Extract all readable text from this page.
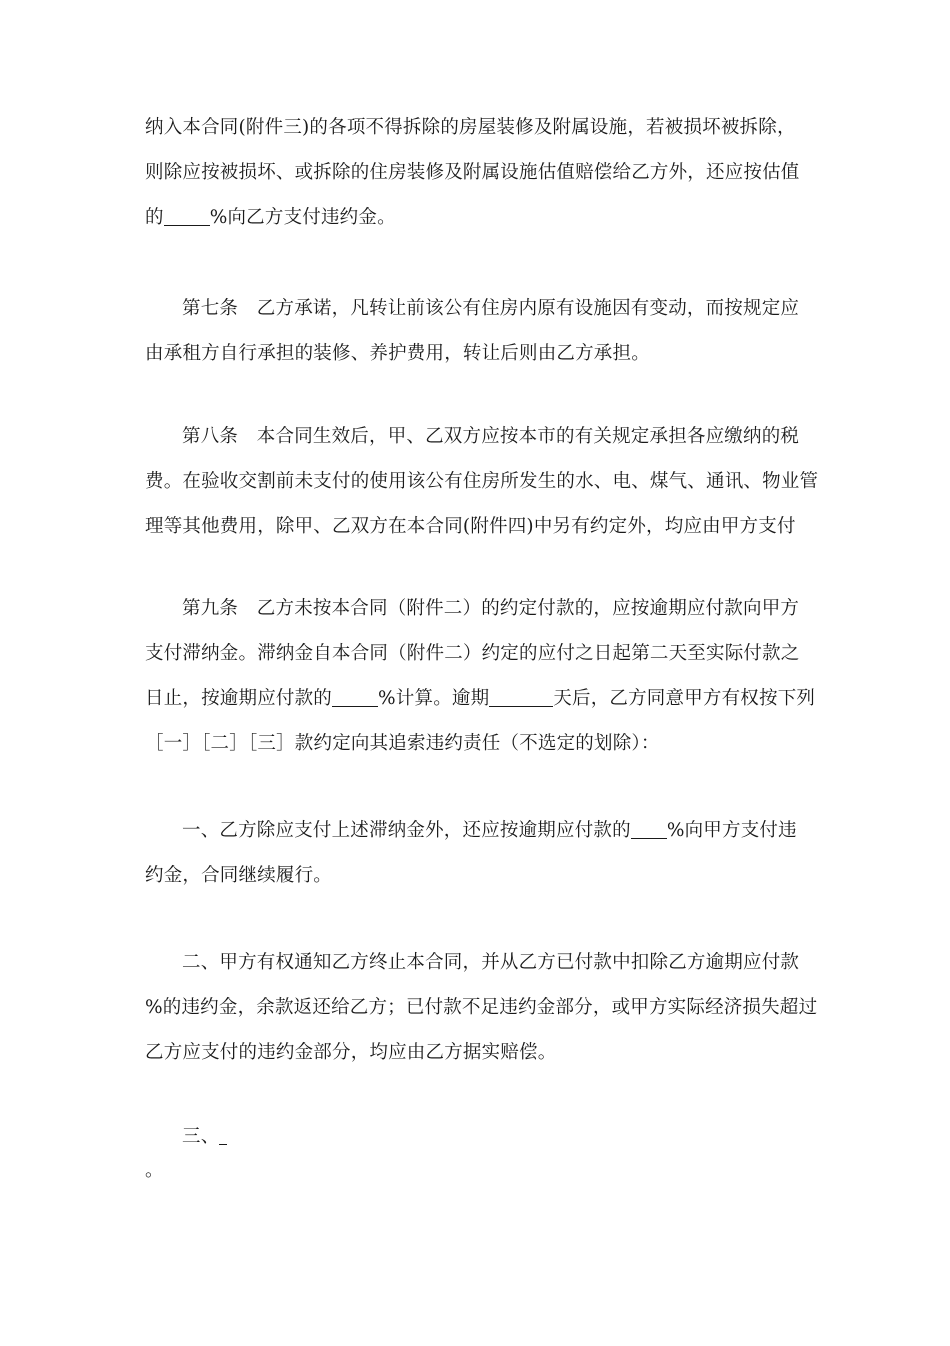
纳入本合同(附件三)的各项不得拆除的房屋装修及附属设施，若被损坏被拆除，
则除应按被损坏、或拆除的住房装修及附属设施估值赔偿给乙方外，还应按估值
的 %向乙方支付违约金。
第七条　乙方承诺，凡转让前该公有住房内原有设施因有变动，而按规定应
由承租方自行承担的装修、养护费用，转让后则由乙方承担。
第八条　本合同生效后，甲、乙双方应按本市的有关规定承担各应缴纳的税
费。在验收交割前未支付的使用该公有住房所发生的水、电、煤气、通讯、物业管
理等其他费用，除甲、乙双方在本合同(附件四)中另有约定外，均应由甲方支付
第九条　乙方未按本合同（附件二）的约定付款的，应按逾期应付款向甲方
支付滞纳金。滞纳金自本合同（附件二）约定的应付之日起第二天至实际付款之
日止，按逾期应付款的 %计算。逾期	天后，乙方同意甲方有权按下列
［一］［二］［三］款约定向其追索违约责任（不选定的划除）：
一、乙方除应支付上述滞纳金外，还应按逾期应付款的 %向甲方支付违
约金，合同继续履行。
二、甲方有权通知乙方终止本合同，并从乙方已付款中扣除乙方逾期应付款
%的违约金，余款返还给乙方；已付款不足违约金部分，或甲方实际经济损失超过
乙方应支付的违约金部分，均应由乙方据实赔偿。
三、
。
